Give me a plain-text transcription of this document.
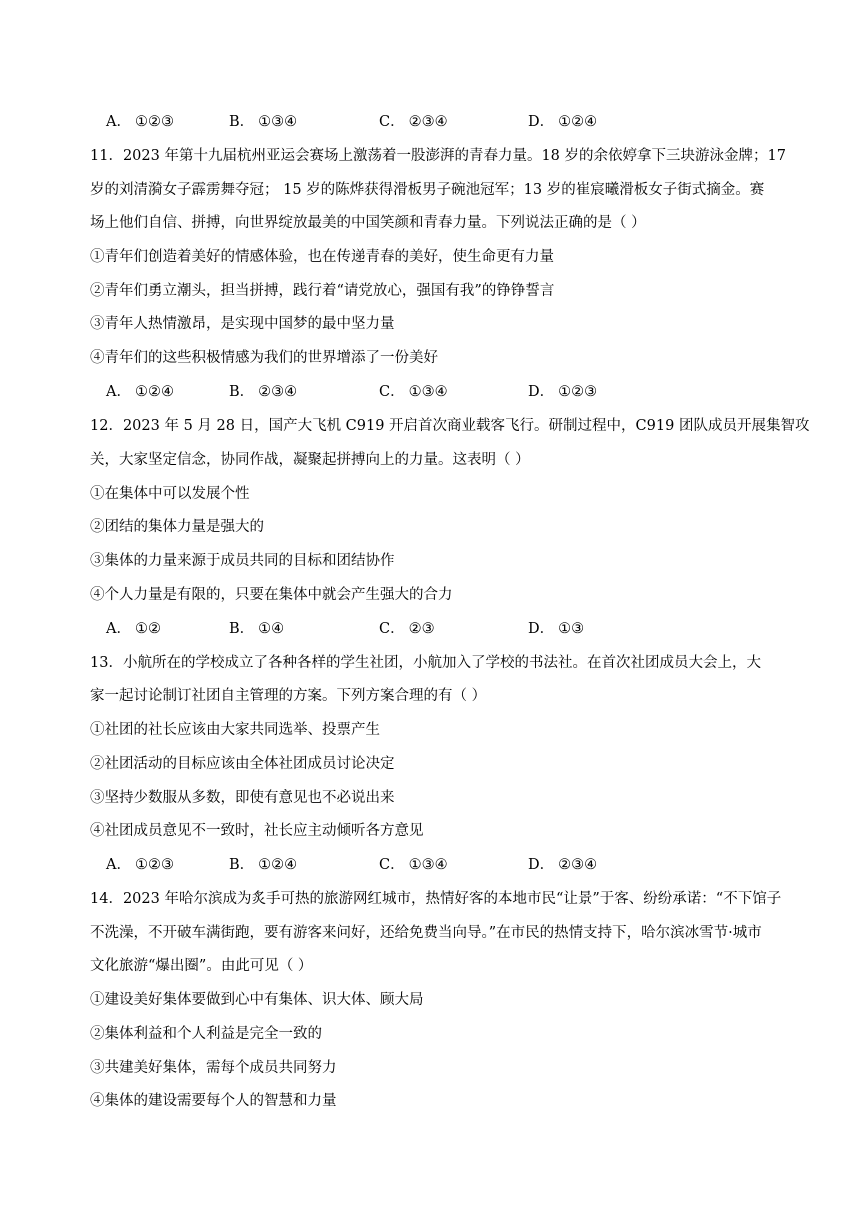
A． ①②③	B． ①③④	C． ②③④	D． ①②④
11．2023 年第十九届杭州亚运会赛场上激荡着一股澎湃的青春力量。18 岁的余依婷拿下三块游泳金牌；17
岁的刘清漪女子霹雳舞夺冠； 15 岁的陈烨获得滑板男子碗池冠军；13 岁的崔宸曦滑板女子街式摘金。赛
场上他们自信、拼搏，向世界绽放最美的中国笑颜和青春力量。下列说法正确的是（ ）
①青年们创造着美好的情感体验，也在传递青春的美好，使生命更有力量
②青年们勇立潮头，担当拼搏，践行着“请党放心，强国有我”的铮铮誓言
③青年人热情激昂，是实现中国梦的最中坚力量
④青年们的这些积极情感为我们的世界增添了一份美好
A． ①②④	B． ②③④	C． ①③④	D． ①②③
12．2023 年 5 月 28 日，国产大飞机 C919 开启首次商业载客飞行。研制过程中，C919 团队成员开展集智攻
关，大家坚定信念，协同作战，凝聚起拼搏向上的力量。这表明（ ）
①在集体中可以发展个性
②团结的集体力量是强大的
③集体的力量来源于成员共同的目标和团结协作
④个人力量是有限的，只要在集体中就会产生强大的合力
A． ①②	B． ①④	C． ②③	D． ①③
13．小航所在的学校成立了各种各样的学生社团，小航加入了学校的书法社。在首次社团成员大会上，大
家一起讨论制订社团自主管理的方案。下列方案合理的有（ ）
①社团的社长应该由大家共同选举、投票产生
②社团活动的目标应该由全体社团成员讨论决定
③坚持少数服从多数，即使有意见也不必说出来
④社团成员意见不一致时，社长应主动倾听各方意见
A． ①②③	B． ①②④	C． ①③④	D． ②③④
14．2023 年哈尔滨成为炙手可热的旅游网红城市，热情好客的本地市民“让景”于客、纷纷承诺：“不下馆子
不洗澡，不开破车满街跑，要有游客来问好，还给免费当向导。”在市民的热情支持下，哈尔滨冰雪节·城市
文化旅游“爆出圈”。由此可见（ ）
①建设美好集体要做到心中有集体、识大体、顾大局
②集体利益和个人利益是完全一致的
③共建美好集体，需每个成员共同努力
④集体的建设需要每个人的智慧和力量
